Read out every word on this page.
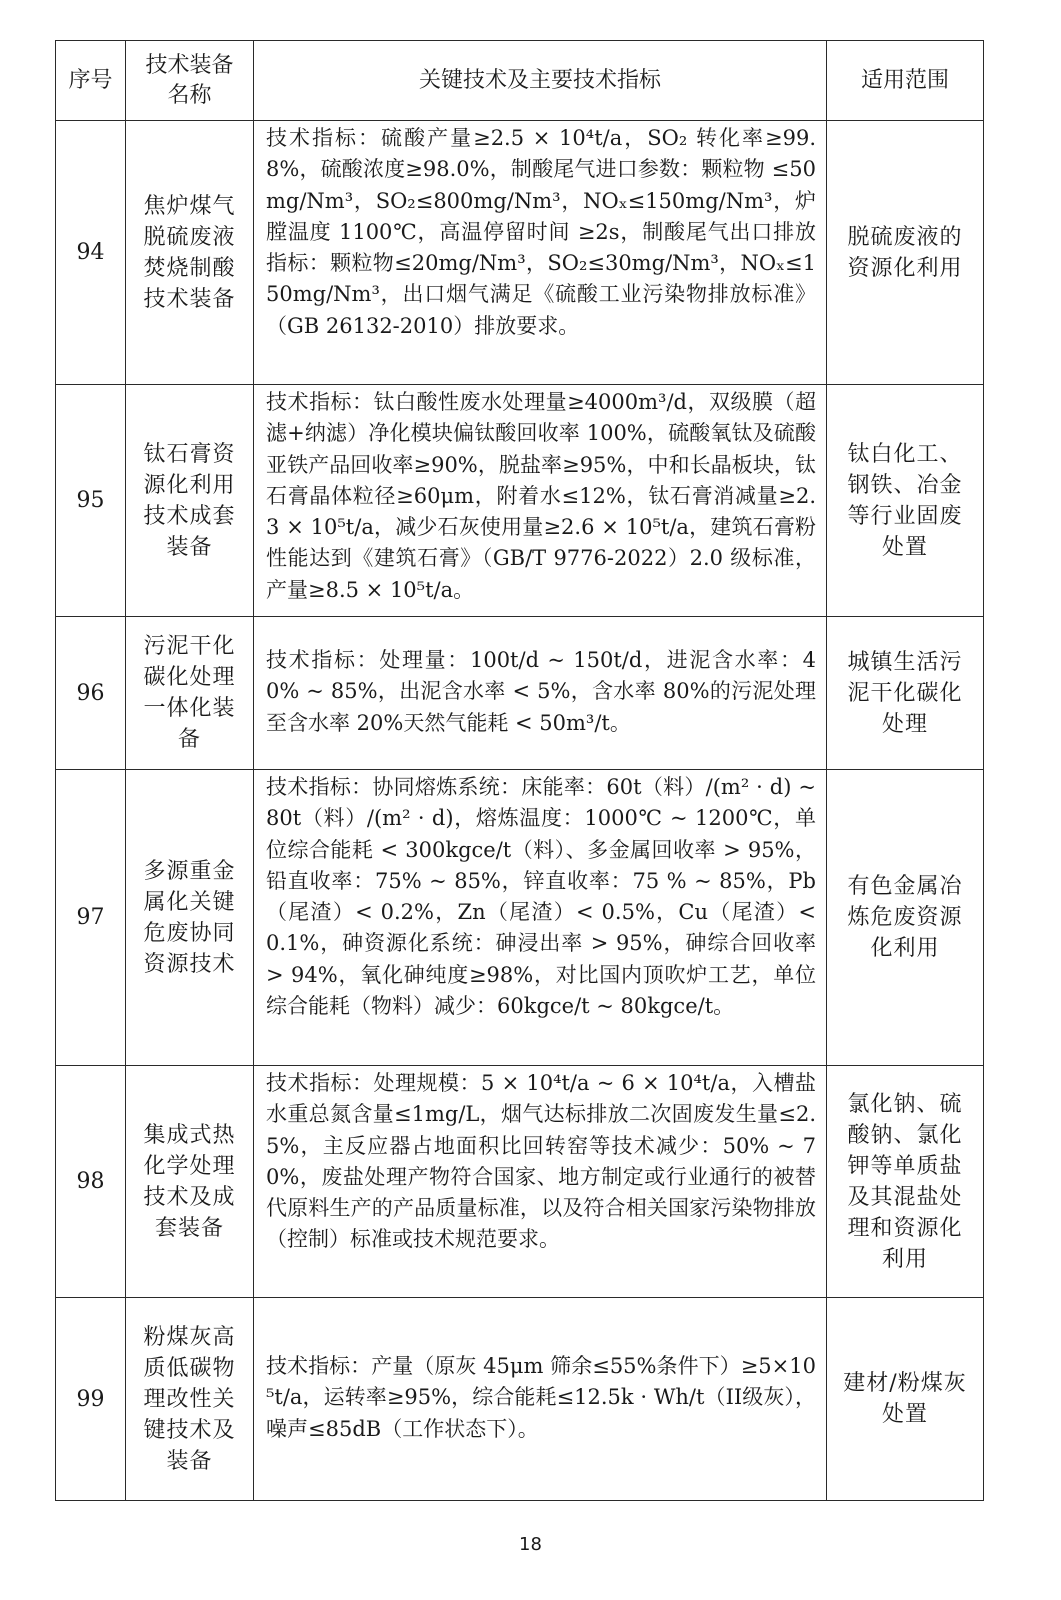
序号	技术装备名称	关键技术及主要技术指标	适用范围
94	焦炉煤气脱硫废液焚烧制酸技术装备	技术指标：硫酸产量≥2.5 × 10⁴t/a，SO₂ 转化率≥99.8%，硫酸浓度≥98.0%，制酸尾气进口参数：颗粒物 ≤50mg/Nm³，SO₂≤800mg/Nm³，NOₓ≤150mg/Nm³，炉膛温度 1100℃，高温停留时间 ≥2s，制酸尾气出口排放指标：颗粒物≤20mg/Nm³，SO₂≤30mg/Nm³，NOₓ≤150mg/Nm³，出口烟气满足《硫酸工业污染物排放标准》（GB 26132-2010）排放要求。	脱硫废液的资源化利用
95	钛石膏资源化利用技术成套装备	技术指标：钛白酸性废水处理量≥4000m³/d，双级膜（超滤+纳滤）净化模块偏钛酸回收率 100%，硫酸氧钛及硫酸亚铁产品回收率≥90%，脱盐率≥95%，中和长晶板块，钛石膏晶体粒径≥60μm，附着水≤12%，钛石膏消减量≥2.3 × 10⁵t/a，减少石灰使用量≥2.6 × 10⁵t/a，建筑石膏粉性能达到《建筑石膏》（GB/T 9776-2022）2.0 级标准，产量≥8.5 × 10⁵t/a。	钛白化工、钢铁、冶金等行业固废处置
96	污泥干化碳化处理一体化装备	技术指标：处理量：100t/d ~ 150t/d，进泥含水率：40% ~ 85%，出泥含水率 < 5%，含水率 80%的污泥处理至含水率 20%天然气能耗 < 50m³/t。	城镇生活污泥干化碳化处理
97	多源重金属化关键危废协同资源技术	技术指标：协同熔炼系统：床能率：60t（料）/(m² · d) ~ 80t（料）/(m² · d)，熔炼温度：1000℃ ~ 1200℃，单位综合能耗 < 300kgce/t（料）、多金属回收率 > 95%，铅直收率：75% ~ 85%，锌直收率：75 % ~ 85%，Pb（尾渣）< 0.2%，Zn（尾渣）< 0.5%，Cu（尾渣）< 0.1%，砷资源化系统：砷浸出率 > 95%，砷综合回收率 > 94%，氧化砷纯度≥98%，对比国内顶吹炉工艺，单位综合能耗（物料）减少：60kgce/t ~ 80kgce/t。	有色金属冶炼危废资源化利用
98	集成式热化学处理技术及成套装备	技术指标：处理规模：5 × 10⁴t/a ~ 6 × 10⁴t/a，入槽盐水重总氮含量≤1mg/L，烟气达标排放二次固废发生量≤2.5%，主反应器占地面积比回转窑等技术减少：50% ~ 70%，废盐处理产物符合国家、地方制定或行业通行的被替代原料生产的产品质量标准，以及符合相关国家污染物排放（控制）标准或技术规范要求。	氯化钠、硫酸钠、氯化钾等单质盐及其混盐处理和资源化利用
99	粉煤灰高质低碳物理改性关键技术及装备	技术指标：产量（原灰 45μm 筛余≤55%条件下）≥5×10⁵t/a，运转率≥95%，综合能耗≤12.5k · Wh/t（II级灰），噪声≤85dB（工作状态下）。	建材/粉煤灰处置
18
